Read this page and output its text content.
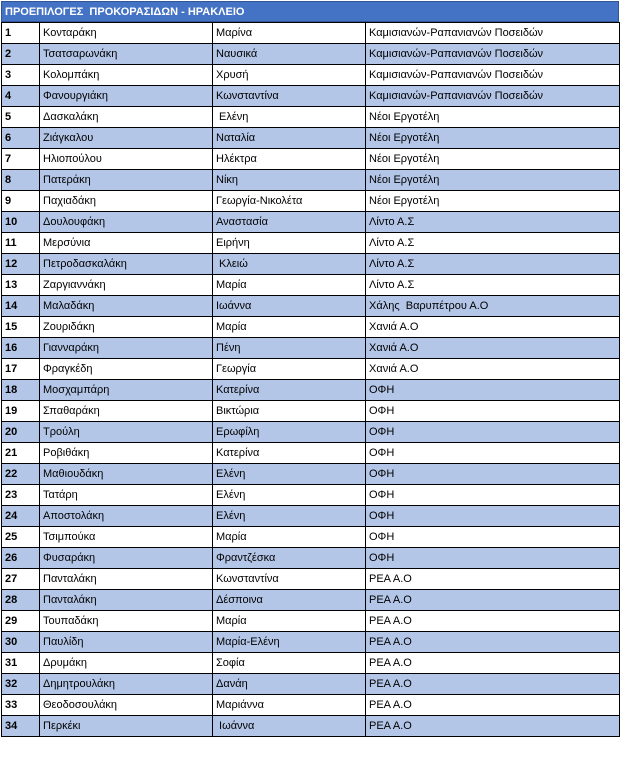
ΠΡΟΕΠΙΛΟΓΕΣ  ΠΡΟΚΟΡΑΣΙΔΩΝ - ΗΡΑΚΛΕΙΟ
1	Κονταράκη	Μαρίνα	Καμισιανών-Ραπανιανών Ποσειδών
2	Τσατσαρωνάκη	Ναυσικά	Καμισιανών-Ραπανιανών Ποσειδών
3	Κολομπάκη	Χρυσή	Καμισιανών-Ραπανιανών Ποσειδών
4	Φανουργιάκη	Κωνσταντίνα	Καμισιανών-Ραπανιανών Ποσειδών
5	Δασκαλάκη	Ελένη	Νέοι Εργοτέλη
6	Ζιάγκαλου	Ναταλία	Νέοι Εργοτέλη
7	Ηλιοπούλου	Ηλέκτρα	Νέοι Εργοτέλη
8	Πατεράκη	Νίκη	Νέοι Εργοτέλη
9	Παχιαδάκη	Γεωργία-Νικολέτα	Νέοι Εργοτέλη
10	Δουλουφάκη	Αναστασία	Λίντο Α.Σ
11	Μερσύνια	Ειρήνη	Λίντο Α.Σ
12	Πετροδασκαλάκη	Κλειώ	Λίντο Α.Σ
13	Ζαργιαννάκη	Μαρία	Λίντο Α.Σ
14	Μαλαδάκη	Ιωάννα	Χάλης  Βαρυπέτρου Α.Ο
15	Ζουριδάκη	Μαρία	Χανιά Α.Ο
16	Γιανναράκη	Πένη	Χανιά Α.Ο
17	Φραγκέδη	Γεωργία	Χανιά Α.Ο
18	Μοσχαμπάρη	Κατερίνα	ΟΦΗ
19	Σπαθαράκη	Βικτώρια	ΟΦΗ
20	Τρούλη	Ερωφίλη	ΟΦΗ
21	Ροβιθάκη	Κατερίνα	ΟΦΗ
22	Μαθιουδάκη	Ελένη	ΟΦΗ
23	Τατάρη	Ελένη	ΟΦΗ
24	Αποστολάκη	Ελένη	ΟΦΗ
25	Τσιμπούκα	Μαρία	ΟΦΗ
26	Φυσαράκη	Φραντζέσκα	ΟΦΗ
27	Πανταλάκη	Κωνσταντίνα	ΡΕΑ Α.Ο
28	Πανταλάκη	Δέσποινα	ΡΕΑ Α.Ο
29	Τουπαδάκη	Μαρία	ΡΕΑ Α.Ο
30	Παυλίδη	Μαρία-Ελένη	ΡΕΑ Α.Ο
31	Δρυμάκη	Σοφία	ΡΕΑ Α.Ο
32	Δημητρουλάκη	Δανάη	ΡΕΑ Α.Ο
33	Θεοδοσουλάκη	Μαριάννα	ΡΕΑ Α.Ο
34	Περκέκι	Ιωάννα	ΡΕΑ Α.Ο
